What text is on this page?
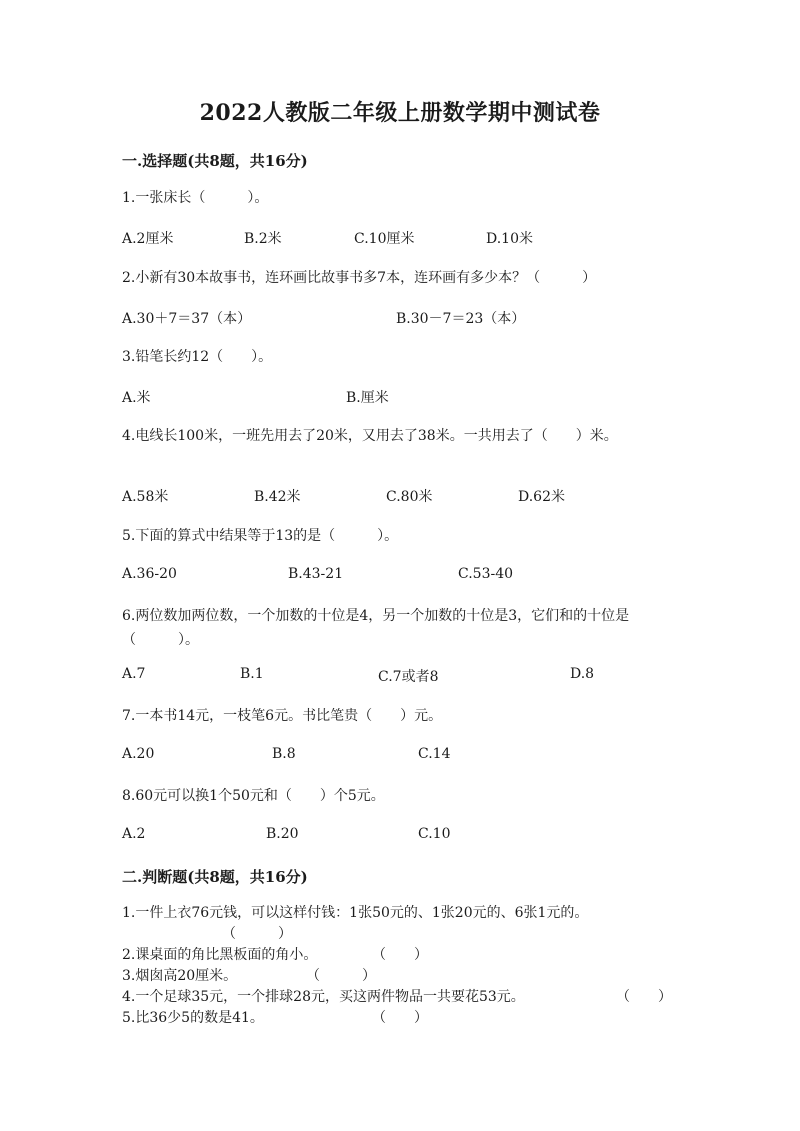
2022人教版二年级上册数学期中测试卷
一.选择题(共8题，共16分)
1.一张床长（　　　）。
A.2厘米	B.2米	C.10厘米	D.10米
2.小新有30本故事书，连环画比故事书多7本，连环画有多少本？（　　　）
A.30＋7＝37（本）	B.30－7＝23（本）
3.铅笔长约12（　　）。
A.米	B.厘米
4.电线长100米，一班先用去了20米，又用去了38米。一共用去了（　　）米。
A.58米	B.42米	C.80米	D.62米
5.下面的算式中结果等于13的是（　　　）。
A.36-20	B.43-21	C.53-40
6.两位数加两位数，一个加数的十位是4，另一个加数的十位是3，它们和的十位是（　　　）。
A.7	B.1	C.7或者8	D.8
7.一本书14元，一枝笔6元。书比笔贵（　　）元。
A.20	B.8	C.14
8.60元可以换1个50元和（　　）个5元。
A.2	B.20	C.10
二.判断题(共8题，共16分)
1.一件上衣76元钱，可以这样付钱：1张50元的、1张20元的、6张1元的。
（　　　）
2.课桌面的角比黑板面的角小。	（　　）
3.烟囱高20厘米。	（　　　）
4.一个足球35元，一个排球28元，买这两件物品一共要花53元。	（　　）
5.比36少5的数是41。	（　　）
